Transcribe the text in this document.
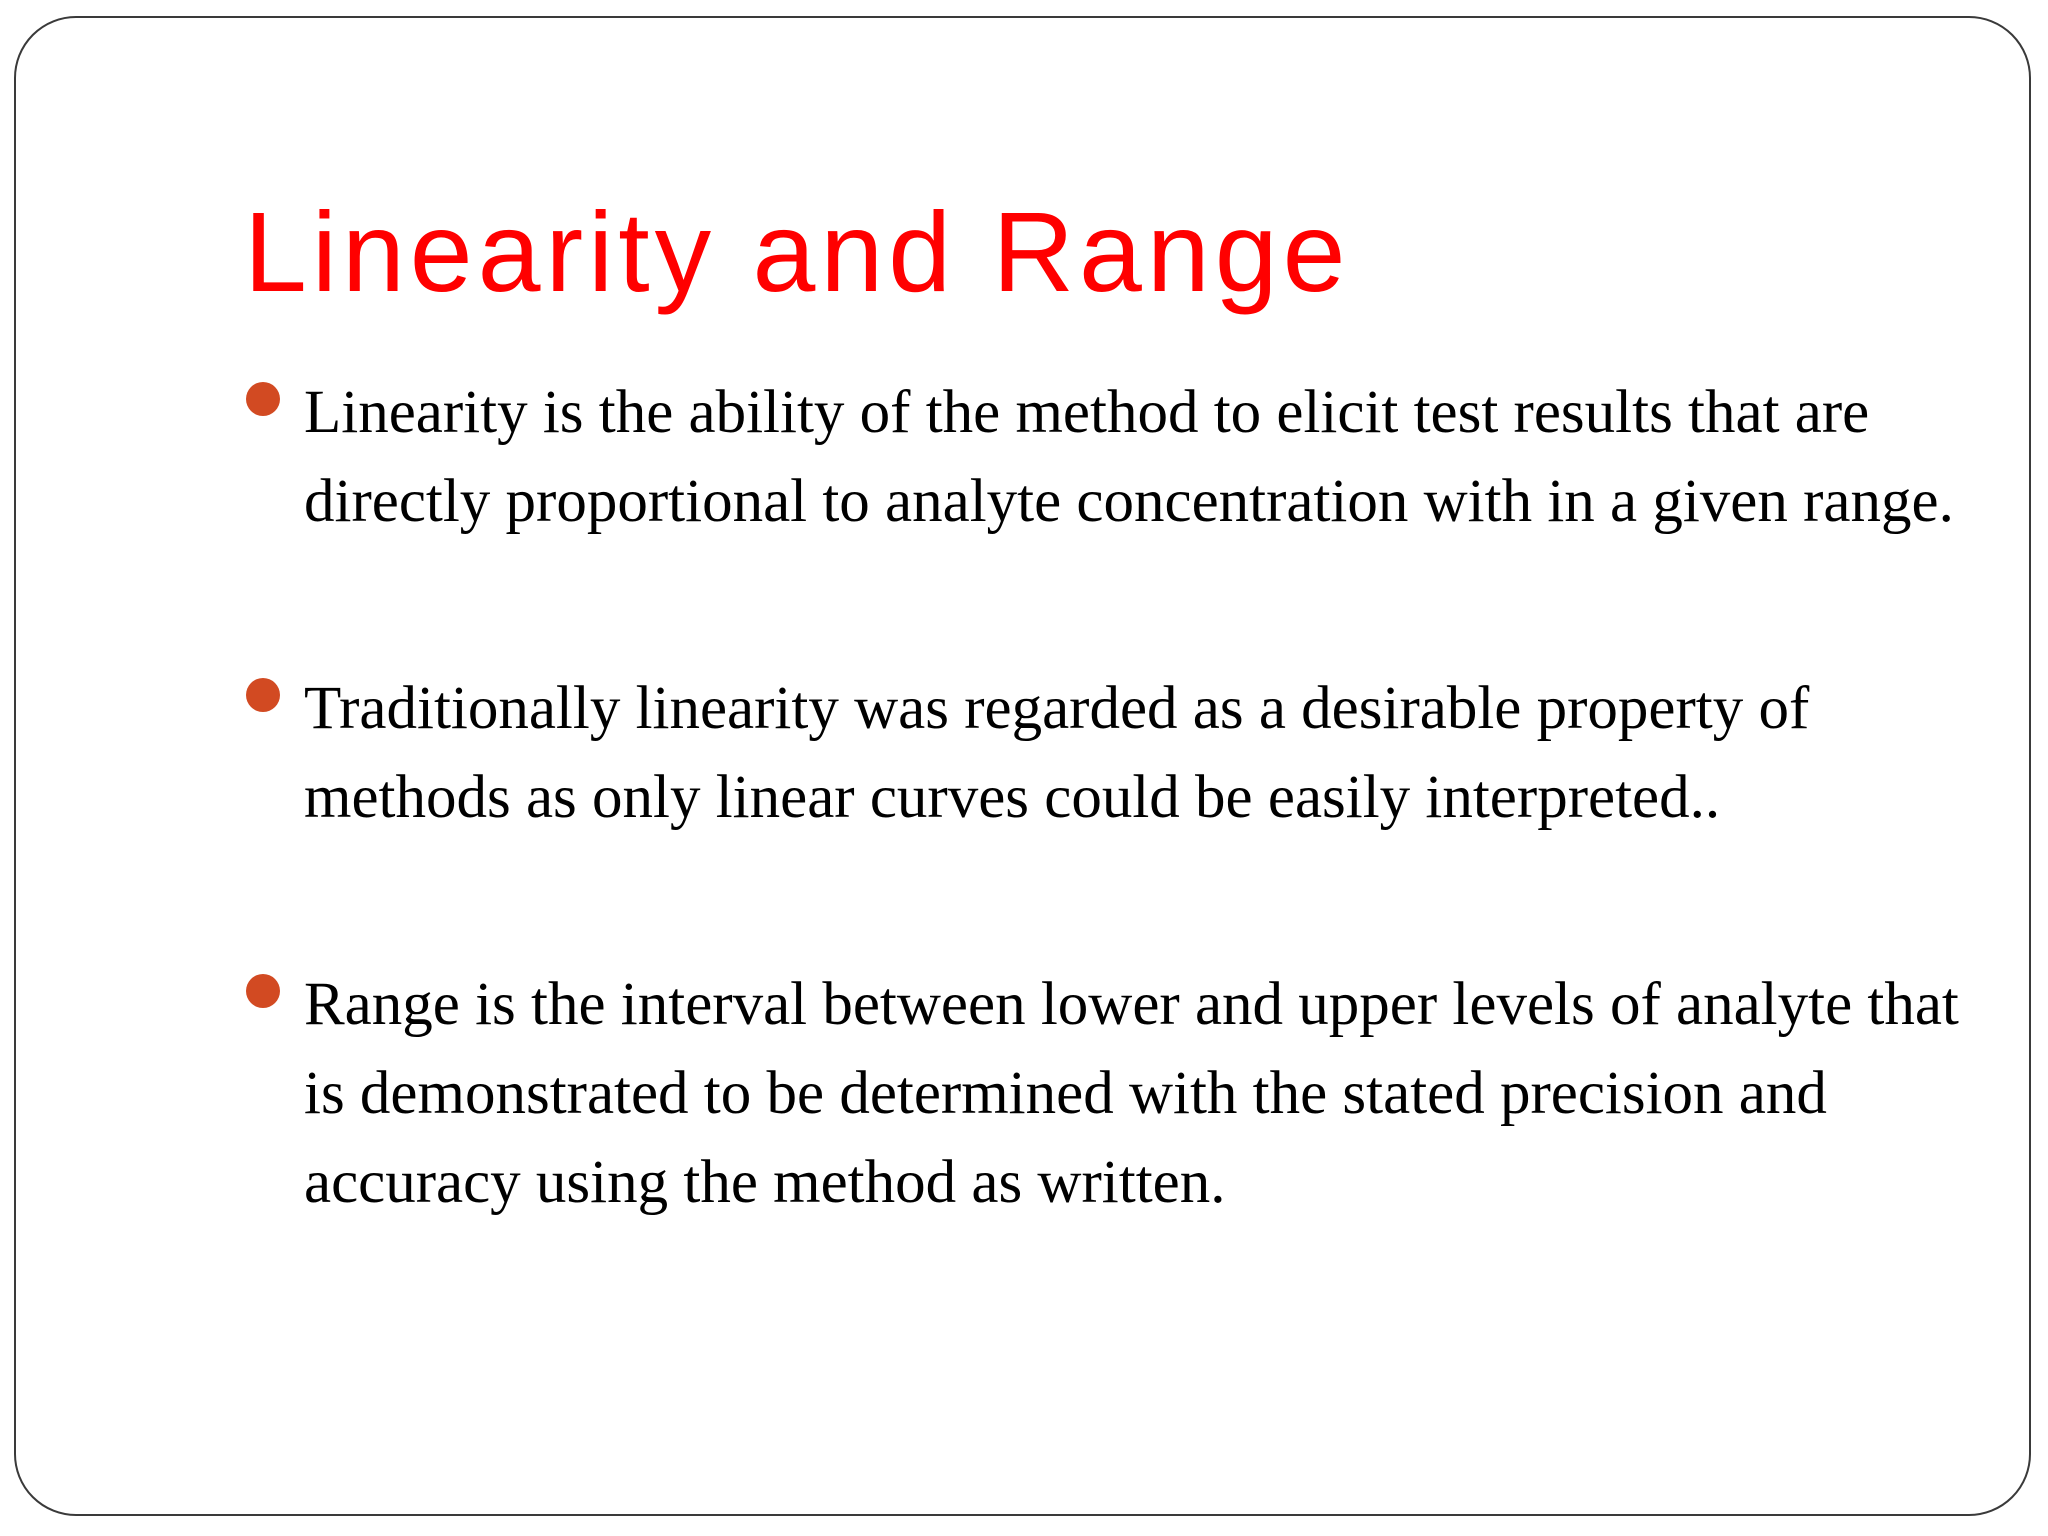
Linearity and Range
Linearity is the ability of the method to elicit test results that are directly proportional to analyte concentration with in a given range.
Traditionally linearity was regarded as a desirable property of methods as only linear curves could be easily interpreted..
Range is the interval between lower and upper levels of analyte that is demonstrated to be determined with the stated precision and accuracy using the method as written.
